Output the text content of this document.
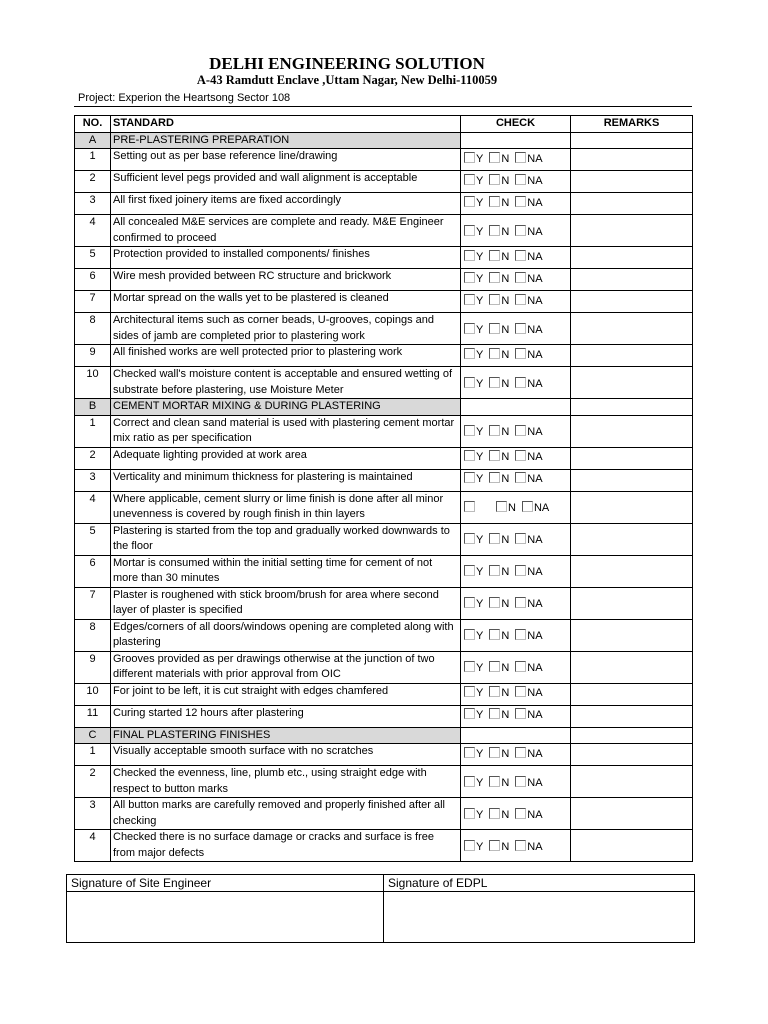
DELHI ENGINEERING SOLUTION
A-43 Ramdutt Enclave ,Uttam Nagar, New Delhi-110059
Project: Experion the Heartsong Sector 108
NO.	STANDARD	CHECK	REMARKS
A	PRE-PLASTERING PREPARATION		
1	Setting out as per base reference line/drawing	Y N NA	
2	Sufficient level pegs provided and wall alignment is acceptable	Y N NA	
3	All first fixed joinery items are fixed accordingly	Y N NA	
4	All concealed M&E services are complete and ready. M&E Engineer confirmed to proceed	Y N NA	
5	Protection provided to installed components/ finishes	Y N NA	
6	Wire mesh provided between RC structure and brickwork	Y N NA	
7	Mortar spread on the walls yet to be plastered is cleaned	Y N NA	
8	Architectural items such as corner beads, U-grooves, copings and sides of jamb are completed prior to plastering work	Y N NA	
9	All finished works are well protected prior to plastering work	Y N NA	
10	Checked wall's moisture content is acceptable and ensured wetting of substrate before plastering, use Moisture Meter	Y N NA	
B	CEMENT MORTAR MIXING & DURING PLASTERING		
1	Correct and clean sand material is used with plastering cement mortar mix ratio as per specification	Y N NA	
2	Adequate lighting provided at work area	Y N NA	
3	Verticality and minimum thickness for plastering is maintained	Y N NA	
4	Where applicable, cement slurry or lime finish is done after all minor unevenness is covered by rough finish in thin layers	N NA	
5	Plastering is started from the top and gradually worked downwards to the floor	Y N NA	
6	Mortar is consumed within the initial setting time for cement of not more than 30 minutes	Y N NA	
7	Plaster is roughened with stick broom/brush for area where second layer of plaster is specified	Y N NA	
8	Edges/corners of all doors/windows opening are completed along with plastering	Y N NA	
9	Grooves provided as per drawings otherwise at the junction of two different materials with prior approval from OIC	Y N NA	
10	For joint to be left, it is cut straight with edges chamfered	Y N NA	
11	Curing started 12 hours after plastering	Y N NA	
C	FINAL PLASTERING FINISHES		
1	Visually acceptable smooth surface with no scratches	Y N NA	
2	Checked the evenness, line, plumb etc., using straight edge with respect to button marks	Y N NA	
3	All button marks are carefully removed and properly finished after all checking	Y N NA	
4	Checked there is no surface damage or cracks and surface is free from major defects	Y N NA	
Signature of Site Engineer	Signature of EDPL
